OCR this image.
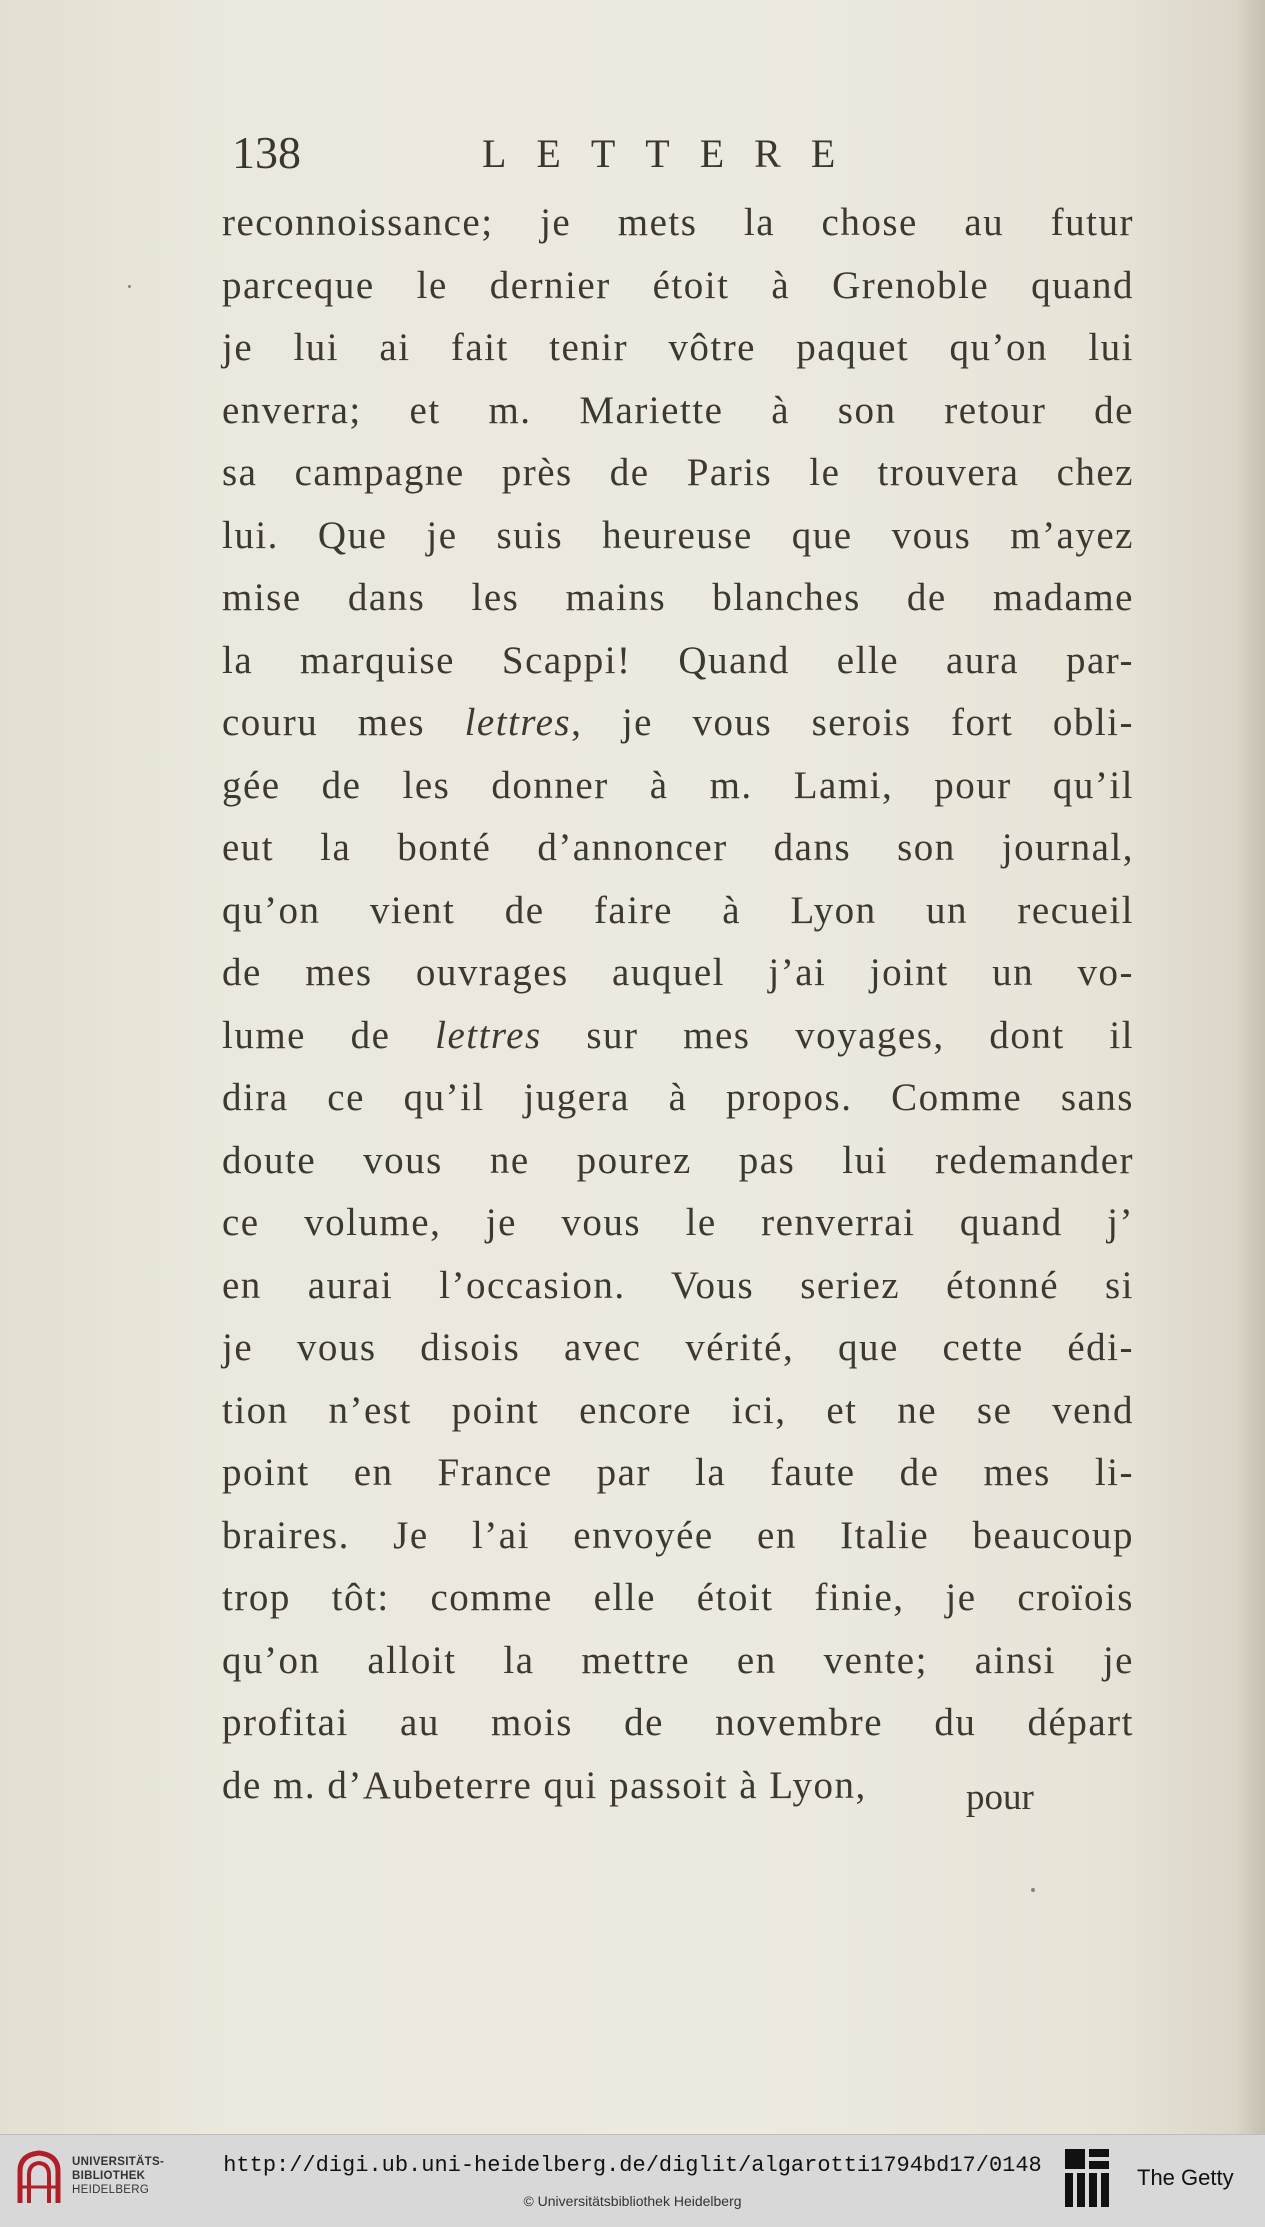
138	LETTERE
reconnoissance; je mets la chose au futur
parceque le dernier étoit à Grenoble quand
je lui ai fait tenir vôtre paquet qu’on lui
enverra; et m. Mariette à son retour de
sa campagne près de Paris le trouvera chez
lui. Que je suis heureuse que vous m’ayez
mise dans les mains blanches de madame
la marquise Scappi! Quand elle aura par-
couru mes lettres, je vous serois fort obli-
gée de les donner à m. Lami, pour qu’il
eut la bonté d’annoncer dans son journal,
qu’on vient de faire à Lyon un recueil
de mes ouvrages auquel j’ai joint un vo-
lume de lettres sur mes voyages, dont il
dira ce qu’il jugera à propos. Comme sans
doute vous ne pourez pas lui redemander
ce volume, je vous le renverrai quand j’
en aurai l’occasion. Vous seriez étonné si
je vous disois avec vérité, que cette édi-
tion n’est point encore ici, et ne se vend
point en France par la faute de mes li-
braires. Je l’ai envoyée en Italie beaucoup
trop tôt: comme elle étoit finie, je croïois
qu’on alloit la mettre en vente; ainsi je
profitai au mois de novembre du départ
de m. d’Aubeterre qui passoit à Lyon,	pour
UNIVERSITÄTS-
BIBLIOTHEK
HEIDELBERG
http://digi.ub.uni-heidelberg.de/diglit/algarotti1794bd17/0148
© Universitätsbibliothek Heidelberg
The Getty
